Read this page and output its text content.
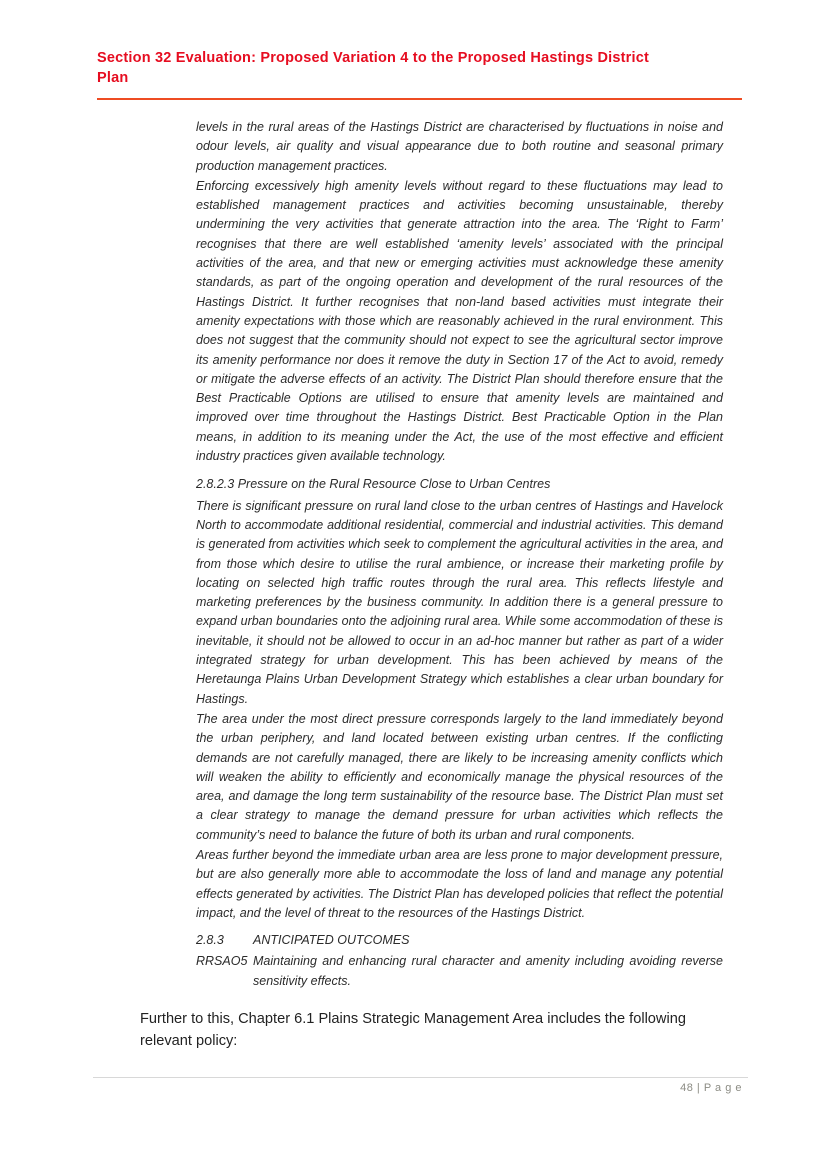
Section 32 Evaluation: Proposed Variation 4 to the Proposed Hastings District
Plan

levels in the rural areas of the Hastings District are characterised by fluctuations in noise and odour levels, air quality and visual appearance due to both routine and seasonal primary production management practices.

Enforcing excessively high amenity levels without regard to these fluctuations may lead to established management practices and activities becoming unsustainable, thereby undermining the very activities that generate attraction into the area. The ‘Right to Farm’ recognises that there are well established ‘amenity levels’ associated with the principal activities of the area, and that new or emerging activities must acknowledge these amenity standards, as part of the ongoing operation and development of the rural resources of the Hastings District. It further recognises that non-land based activities must integrate their amenity expectations with those which are reasonably achieved in the rural environment. This does not suggest that the community should not expect to see the agricultural sector improve its amenity performance nor does it remove the duty in Section 17 of the Act to avoid, remedy or mitigate the adverse effects of an activity. The District Plan should therefore ensure that the Best Practicable Options are utilised to ensure that amenity levels are maintained and improved over time throughout the Hastings District. Best Practicable Option in the Plan means, in addition to its meaning under the Act, the use of the most effective and efficient industry practices given available technology.

2.8.2.3 Pressure on the Rural Resource Close to Urban Centres

There is significant pressure on rural land close to the urban centres of Hastings and Havelock North to accommodate additional residential, commercial and industrial activities. This demand is generated from activities which seek to complement the agricultural activities in the area, and from those which desire to utilise the rural ambience, or increase their marketing profile by locating on selected high traffic routes through the rural area. This reflects lifestyle and marketing preferences by the business community. In addition there is a general pressure to expand urban boundaries onto the adjoining rural area. While some accommodation of these is inevitable, it should not be allowed to occur in an ad-hoc manner but rather as part of a wider integrated strategy for urban development. This has been achieved by means of the Heretaunga Plains Urban Development Strategy which establishes a clear urban boundary for Hastings.

The area under the most direct pressure corresponds largely to the land immediately beyond the urban periphery, and land located between existing urban centres. If the conflicting demands are not carefully managed, there are likely to be increasing amenity conflicts which will weaken the ability to efficiently and economically manage the physical resources of the area, and damage the long term sustainability of the resource base. The District Plan must set a clear strategy to manage the demand pressure for urban activities which reflects the community’s need to balance the future of both its urban and rural components.

Areas further beyond the immediate urban area are less prone to major development pressure, but are also generally more able to accommodate the loss of land and manage any potential effects generated by activities. The District Plan has developed policies that reflect the potential impact, and the level of threat to the resources of the Hastings District.

2.8.3 ANTICIPATED OUTCOMES

RRSAO5 Maintaining and enhancing rural character and amenity including avoiding reverse sensitivity effects.

Further to this, Chapter 6.1 Plains Strategic Management Area includes the following relevant policy:

48 | P a g e
